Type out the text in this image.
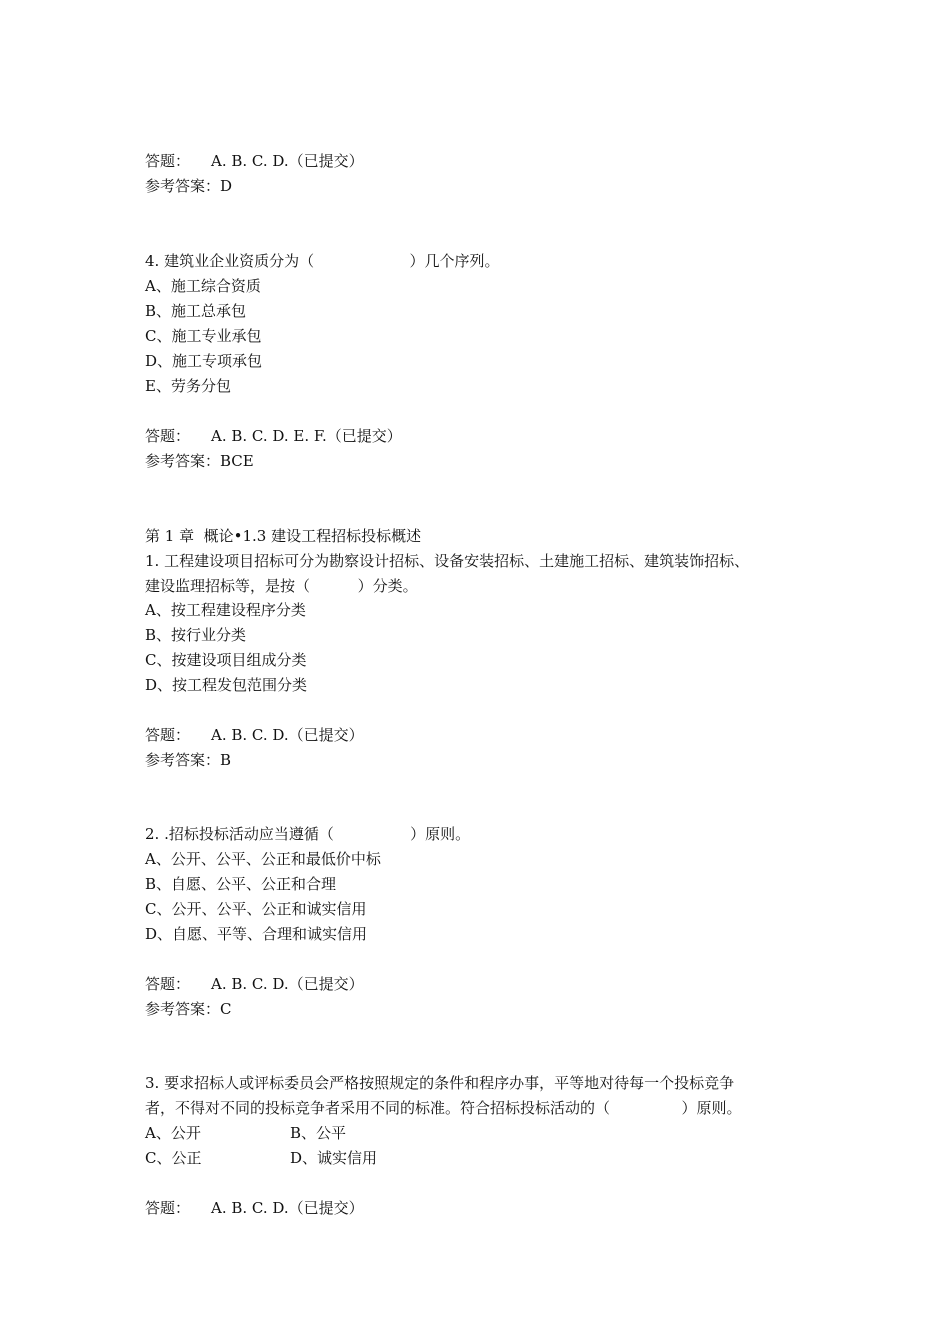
答题： A. B. C. D.（已提交）
参考答案：D
4. 建筑业企业资质分为（                    ）几个序列。
A、施工综合资质
B、施工总承包
C、施工专业承包
D、施工专项承包
E、劳务分包
答题： A. B. C. D. E. F.（已提交）
参考答案：BCE
第 1 章  概论•1.3 建设工程招标投标概述
1. 工程建设项目招标可分为勘察设计招标、设备安装招标、土建施工招标、建筑装饰招标、
建设监理招标等，是按（          ）分类。
A、按工程建设程序分类
B、按行业分类
C、按建设项目组成分类
D、按工程发包范围分类
答题： A. B. C. D.（已提交）
参考答案：B
2. .招标投标活动应当遵循（                ）原则。
A、公开、公平、公正和最低价中标
B、自愿、公平、公正和合理
C、公开、公平、公正和诚实信用
D、自愿、平等、合理和诚实信用
答题： A. B. C. D.（已提交）
参考答案：C
3. 要求招标人或评标委员会严格按照规定的条件和程序办事，平等地对待每一个投标竞争
者，不得对不同的投标竞争者采用不同的标准。符合招标投标活动的（               ）原则。
A、公开	B、公平
C、公正	D、诚实信用
答题： A. B. C. D.（已提交）
